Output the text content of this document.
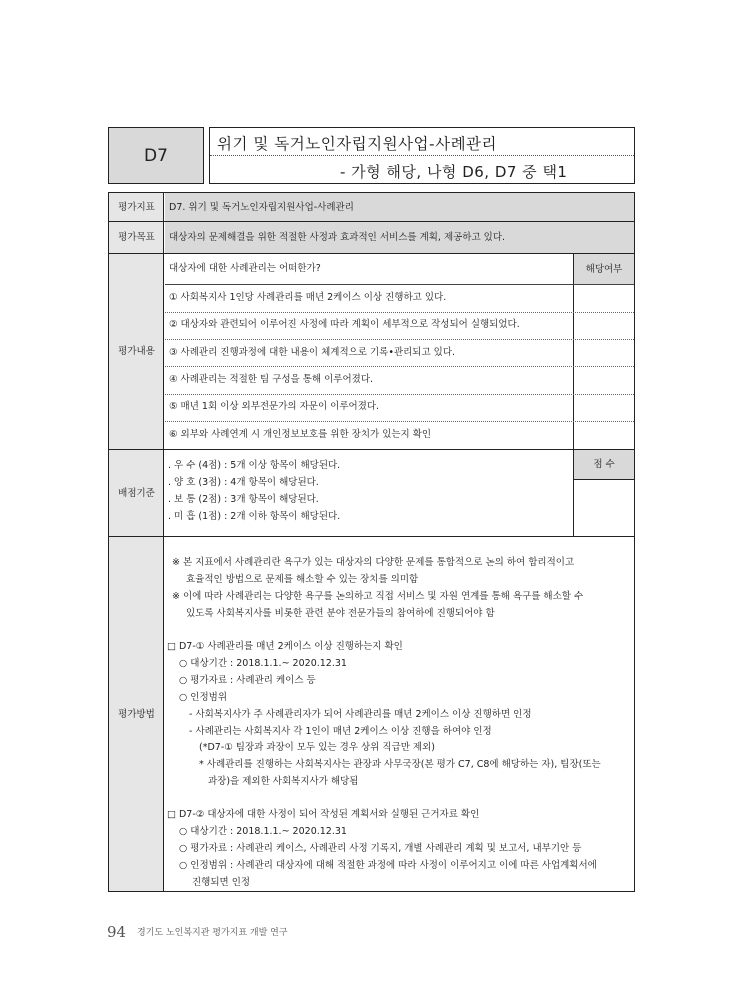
D7
위기 및 독거노인자립지원사업-사례관리
- 가형 해당, 나형 D6, D7 중 택1
평가지표	D7. 위기 및 독거노인자립지원사업-사례관리
평가목표	대상자의 문제해결을 위한 적절한 사정과 효과적인 서비스를 계획, 제공하고 있다.
평가내용
해당여부
대상자에 대한 사례관리는 어떠한가?
① 사회복지사 1인당 사례관리를 매년 2케이스 이상 진행하고 있다.
② 대상자와 관련되어 이루어진 사정에 따라 계획이 세부적으로 작성되어 실행되었다.
③ 사례관리 진행과정에 대한 내용이 체계적으로 기록•관리되고 있다.
④ 사례관리는 적절한 팀 구성을 통해 이루어졌다.
⑤ 매년 1회 이상 외부전문가의 자문이 이루어졌다.
⑥ 외부와 사례연계 시 개인정보보호를 위한 장치가 있는지 확인
배점기준
점 수
. 우 수 (4점) : 5개 이상 항목이 해당된다.
. 양 호 (3점) : 4개 항목이 해당된다.
. 보 통 (2점) : 3개 항목이 해당된다.
. 미 흡 (1점) : 2개 이하 항목이 해당된다.
평가방법
※ 본 지표에서 사례관리란 욕구가 있는 대상자의 다양한 문제를 통합적으로 논의 하여 합리적이고
효율적인 방법으로 문제를 해소할 수 있는 장치를 의미함
※ 이에 따라 사례관리는 다양한 욕구를 논의하고 직접 서비스 및 자원 연계를 통해 욕구를 해소할 수
있도록 사회복지사를 비롯한 관련 분야 전문가들의 참여하에 진행되어야 함
□ D7-① 사례관리를 매년 2케이스 이상 진행하는지 확인
○ 대상기간 : 2018.1.1.~ 2020.12.31
○ 평가자료 : 사례관리 케이스 등
○ 인정범위
- 사회복지사가 주 사례관리자가 되어 사례관리를 매년 2케이스 이상 진행하면 인정
- 사례관리는 사회복지사 각 1인이 매년 2케이스 이상 진행을 하여야 인정
(*D7-① 팀장과 과장이 모두 있는 경우 상위 직급만 제외)
* 사례관리를 진행하는 사회복지사는 관장과 사무국장(본 평가 C7, C8에 해당하는 자), 팀장(또는
과장)을 제외한 사회복지사가 해당됨
□ D7-② 대상자에 대한 사정이 되어 작성된 계획서와 실행된 근거자료 확인
○ 대상기간 : 2018.1.1.~ 2020.12.31
○ 평가자료 : 사례관리 케이스, 사례관리 사정 기록지, 개별 사례관리 계획 및 보고서, 내부기안 등
○ 인정범위 : 사례관리 대상자에 대해 적절한 과정에 따라 사정이 이루어지고 이에 따른 사업계획서에
진행되면 인정
94 경기도 노인복지관 평가지표 개발 연구
